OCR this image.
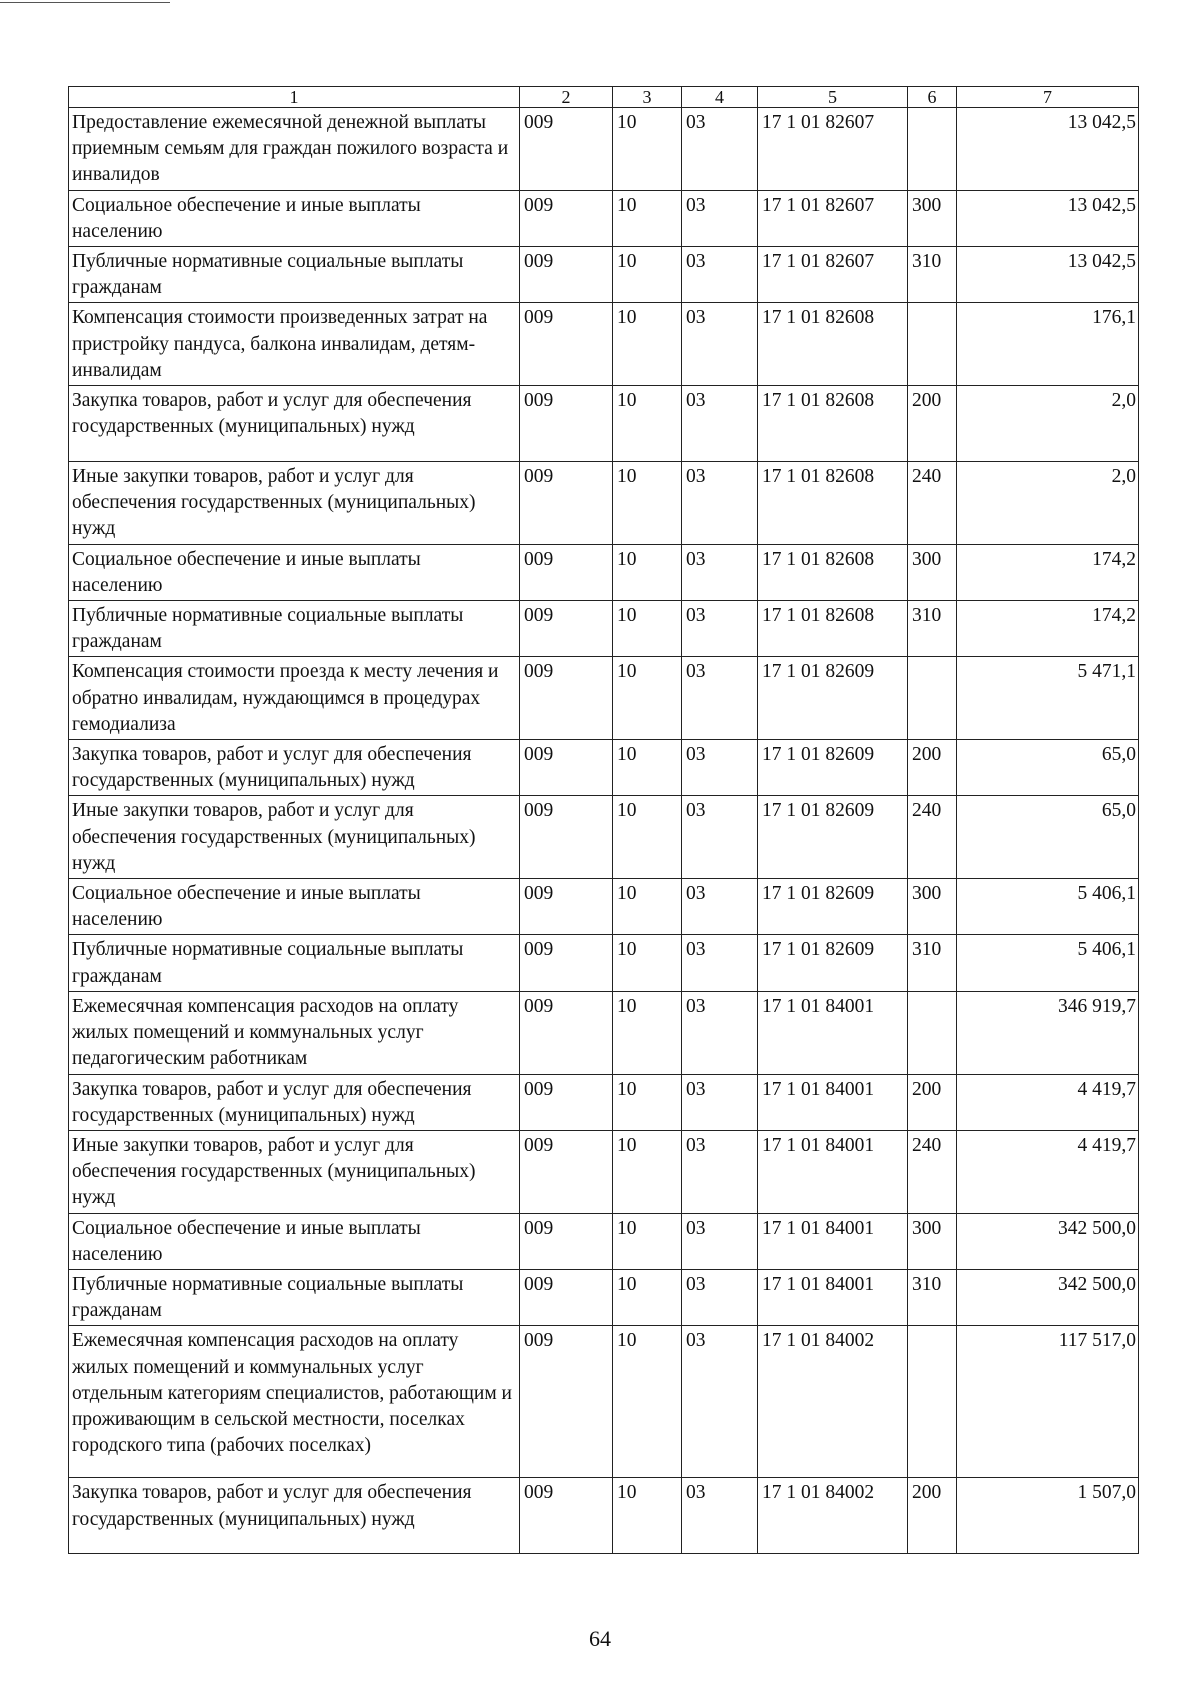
1	2	3	4	5	6	7
Предоставление ежемесячной денежной выплаты приемным семьям для граждан пожилого возраста и инвалидов	009	10	03	17 1 01 82607		13 042,5
Социальное обеспечение и иные выплаты населению	009	10	03	17 1 01 82607	300	13 042,5
Публичные нормативные социальные выплаты гражданам	009	10	03	17 1 01 82607	310	13 042,5
Компенсация стоимости произведенных затрат на пристройку пандуса, балкона инвалидам, детям-инвалидам	009	10	03	17 1 01 82608		176,1
Закупка товаров, работ и услуг для обеспечения государственных (муниципальных) нужд	009	10	03	17 1 01 82608	200	2,0
Иные закупки товаров, работ и услуг для обеспечения государственных (муниципальных) нужд	009	10	03	17 1 01 82608	240	2,0
Социальное обеспечение и иные выплаты населению	009	10	03	17 1 01 82608	300	174,2
Публичные нормативные социальные выплаты гражданам	009	10	03	17 1 01 82608	310	174,2
Компенсация стоимости проезда к месту лечения и обратно инвалидам, нуждающимся в процедурах гемодиализа	009	10	03	17 1 01 82609		5 471,1
Закупка товаров, работ и услуг для обеспечения государственных (муниципальных) нужд	009	10	03	17 1 01 82609	200	65,0
Иные закупки товаров, работ и услуг для обеспечения государственных (муниципальных) нужд	009	10	03	17 1 01 82609	240	65,0
Социальное обеспечение и иные выплаты населению	009	10	03	17 1 01 82609	300	5 406,1
Публичные нормативные социальные выплаты гражданам	009	10	03	17 1 01 82609	310	5 406,1
Ежемесячная компенсация расходов на оплату жилых помещений и коммунальных услуг педагогическим работникам	009	10	03	17 1 01 84001		346 919,7
Закупка товаров, работ и услуг для обеспечения государственных (муниципальных) нужд	009	10	03	17 1 01 84001	200	4 419,7
Иные закупки товаров, работ и услуг для обеспечения государственных (муниципальных) нужд	009	10	03	17 1 01 84001	240	4 419,7
Социальное обеспечение и иные выплаты населению	009	10	03	17 1 01 84001	300	342 500,0
Публичные нормативные социальные выплаты гражданам	009	10	03	17 1 01 84001	310	342 500,0
Ежемесячная компенсация расходов на оплату жилых помещений и коммунальных услуг отдельным категориям специалистов, работающим и проживающим в сельской местности, поселках городского типа (рабочих поселках)	009	10	03	17 1 01 84002		117 517,0
Закупка товаров, работ и услуг для обеспечения государственных (муниципальных) нужд	009	10	03	17 1 01 84002	200	1 507,0
64
